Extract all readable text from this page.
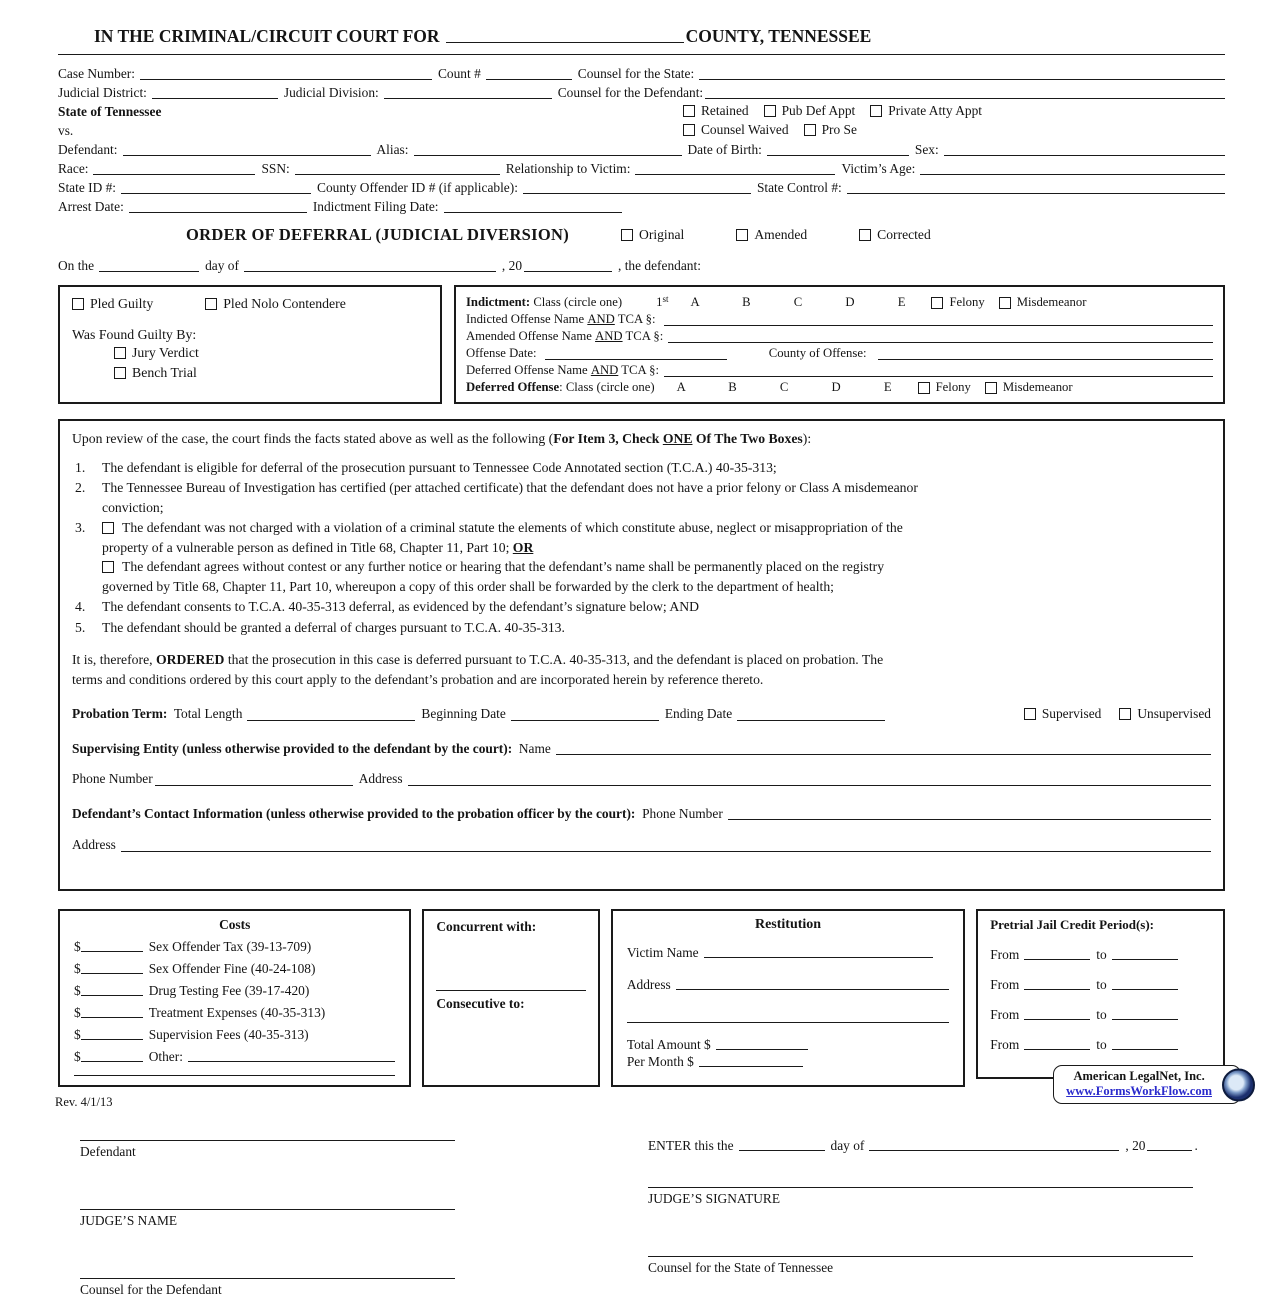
IN THE CRIMINAL/CIRCUIT COURT FOR	COUNTY, TENNESSEE
Case Number:	Count #	Counsel for the State:
Judicial District:	Judicial Division:	Counsel for the Defendant:
State of Tennessee	Retained Pub Def Appt Private Atty Appt
vs.	Counsel Waived Pro Se
Defendant:	Alias:	Date of Birth:	Sex:
Race:	SSN:	Relationship to Victim:	Victim’s Age:
State ID #:	County Offender ID # (if applicable):	State Control #:
Arrest Date:	Indictment Filing Date:
ORDER OF DEFERRAL (JUDICIAL DIVERSION)	Original	Amended	Corrected
On the	day of	, 20	, the defendant:
Pled Guilty	Pled Nolo Contendere
Was Found Guilty By:
Jury Verdict
Bench Trial
Indictment: Class (circle one)	1st A B C D E	Felony	Misdemeanor
Indicted Offense Name AND TCA §:
Amended Offense Name AND TCA §:
Offense Date:	County of Offense:
Deferred Offense Name AND TCA §:
Deferred Offense : Class (circle one) A B C D E	Felony	Misdemeanor
Upon review of the case, the court finds the facts stated above as well as the following (For Item 3, Check ONE Of The Two Boxes):
1.	The defendant is eligible for deferral of the prosecution pursuant to Tennessee Code Annotated section (T.C.A.) 40-35-313;
2.	The Tennessee Bureau of Investigation has certified (per attached certificate) that the defendant does not have a prior felony or Class A misdemeanor
conviction;
3.	The defendant was not charged with a violation of a criminal statute the elements of which constitute abuse, neglect or misappropriation of the
property of a vulnerable person as defined in Title 68, Chapter 11, Part 10; OR
The defendant agrees without contest or any further notice or hearing that the defendant’s name shall be permanently placed on the registry
governed by Title 68, Chapter 11, Part 10, whereupon a copy of this order shall be forwarded by the clerk to the department of health;
4.	The defendant consents to T.C.A. 40-35-313 deferral, as evidenced by the defendant’s signature below; AND
5.	The defendant should be granted a deferral of charges pursuant to T.C.A. 40-35-313.
It is, therefore, ORDERED that the prosecution in this case is deferred pursuant to T.C.A. 40-35-313, and the defendant is placed on probation. The
terms and conditions ordered by this court apply to the defendant’s probation and are incorporated herein by reference thereto.
Probation Term: Total Length	Beginning Date	Ending Date	Supervised	Unsupervised
Supervising Entity (unless otherwise provided to the defendant by the court): Name
Phone Number	Address
Defendant’s Contact Information (unless otherwise provided to the probation officer by the court): Phone Number
Address
Costs
$	Sex Offender Tax (39-13-709)
$	Sex Offender Fine (40-24-108)
$	Drug Testing Fee (39-17-420)
$	Treatment Expenses (40-35-313)
$	Supervision Fees (40-35-313)
$	Other:
Concurrent with:
Consecutive to:
Restitution
Victim Name
Address
Total Amount $
Per Month $
Pretrial Jail Credit Period(s):
From	to
From	to
From	to
From	to
Defendant
JUDGE’S NAME
Counsel for the Defendant
ENTER this the	day of	, 20	.
JUDGE’S SIGNATURE
Counsel for the State of Tennessee
Rev. 4/1/13
American LegalNet, Inc.
www.FormsWorkFlow.com
